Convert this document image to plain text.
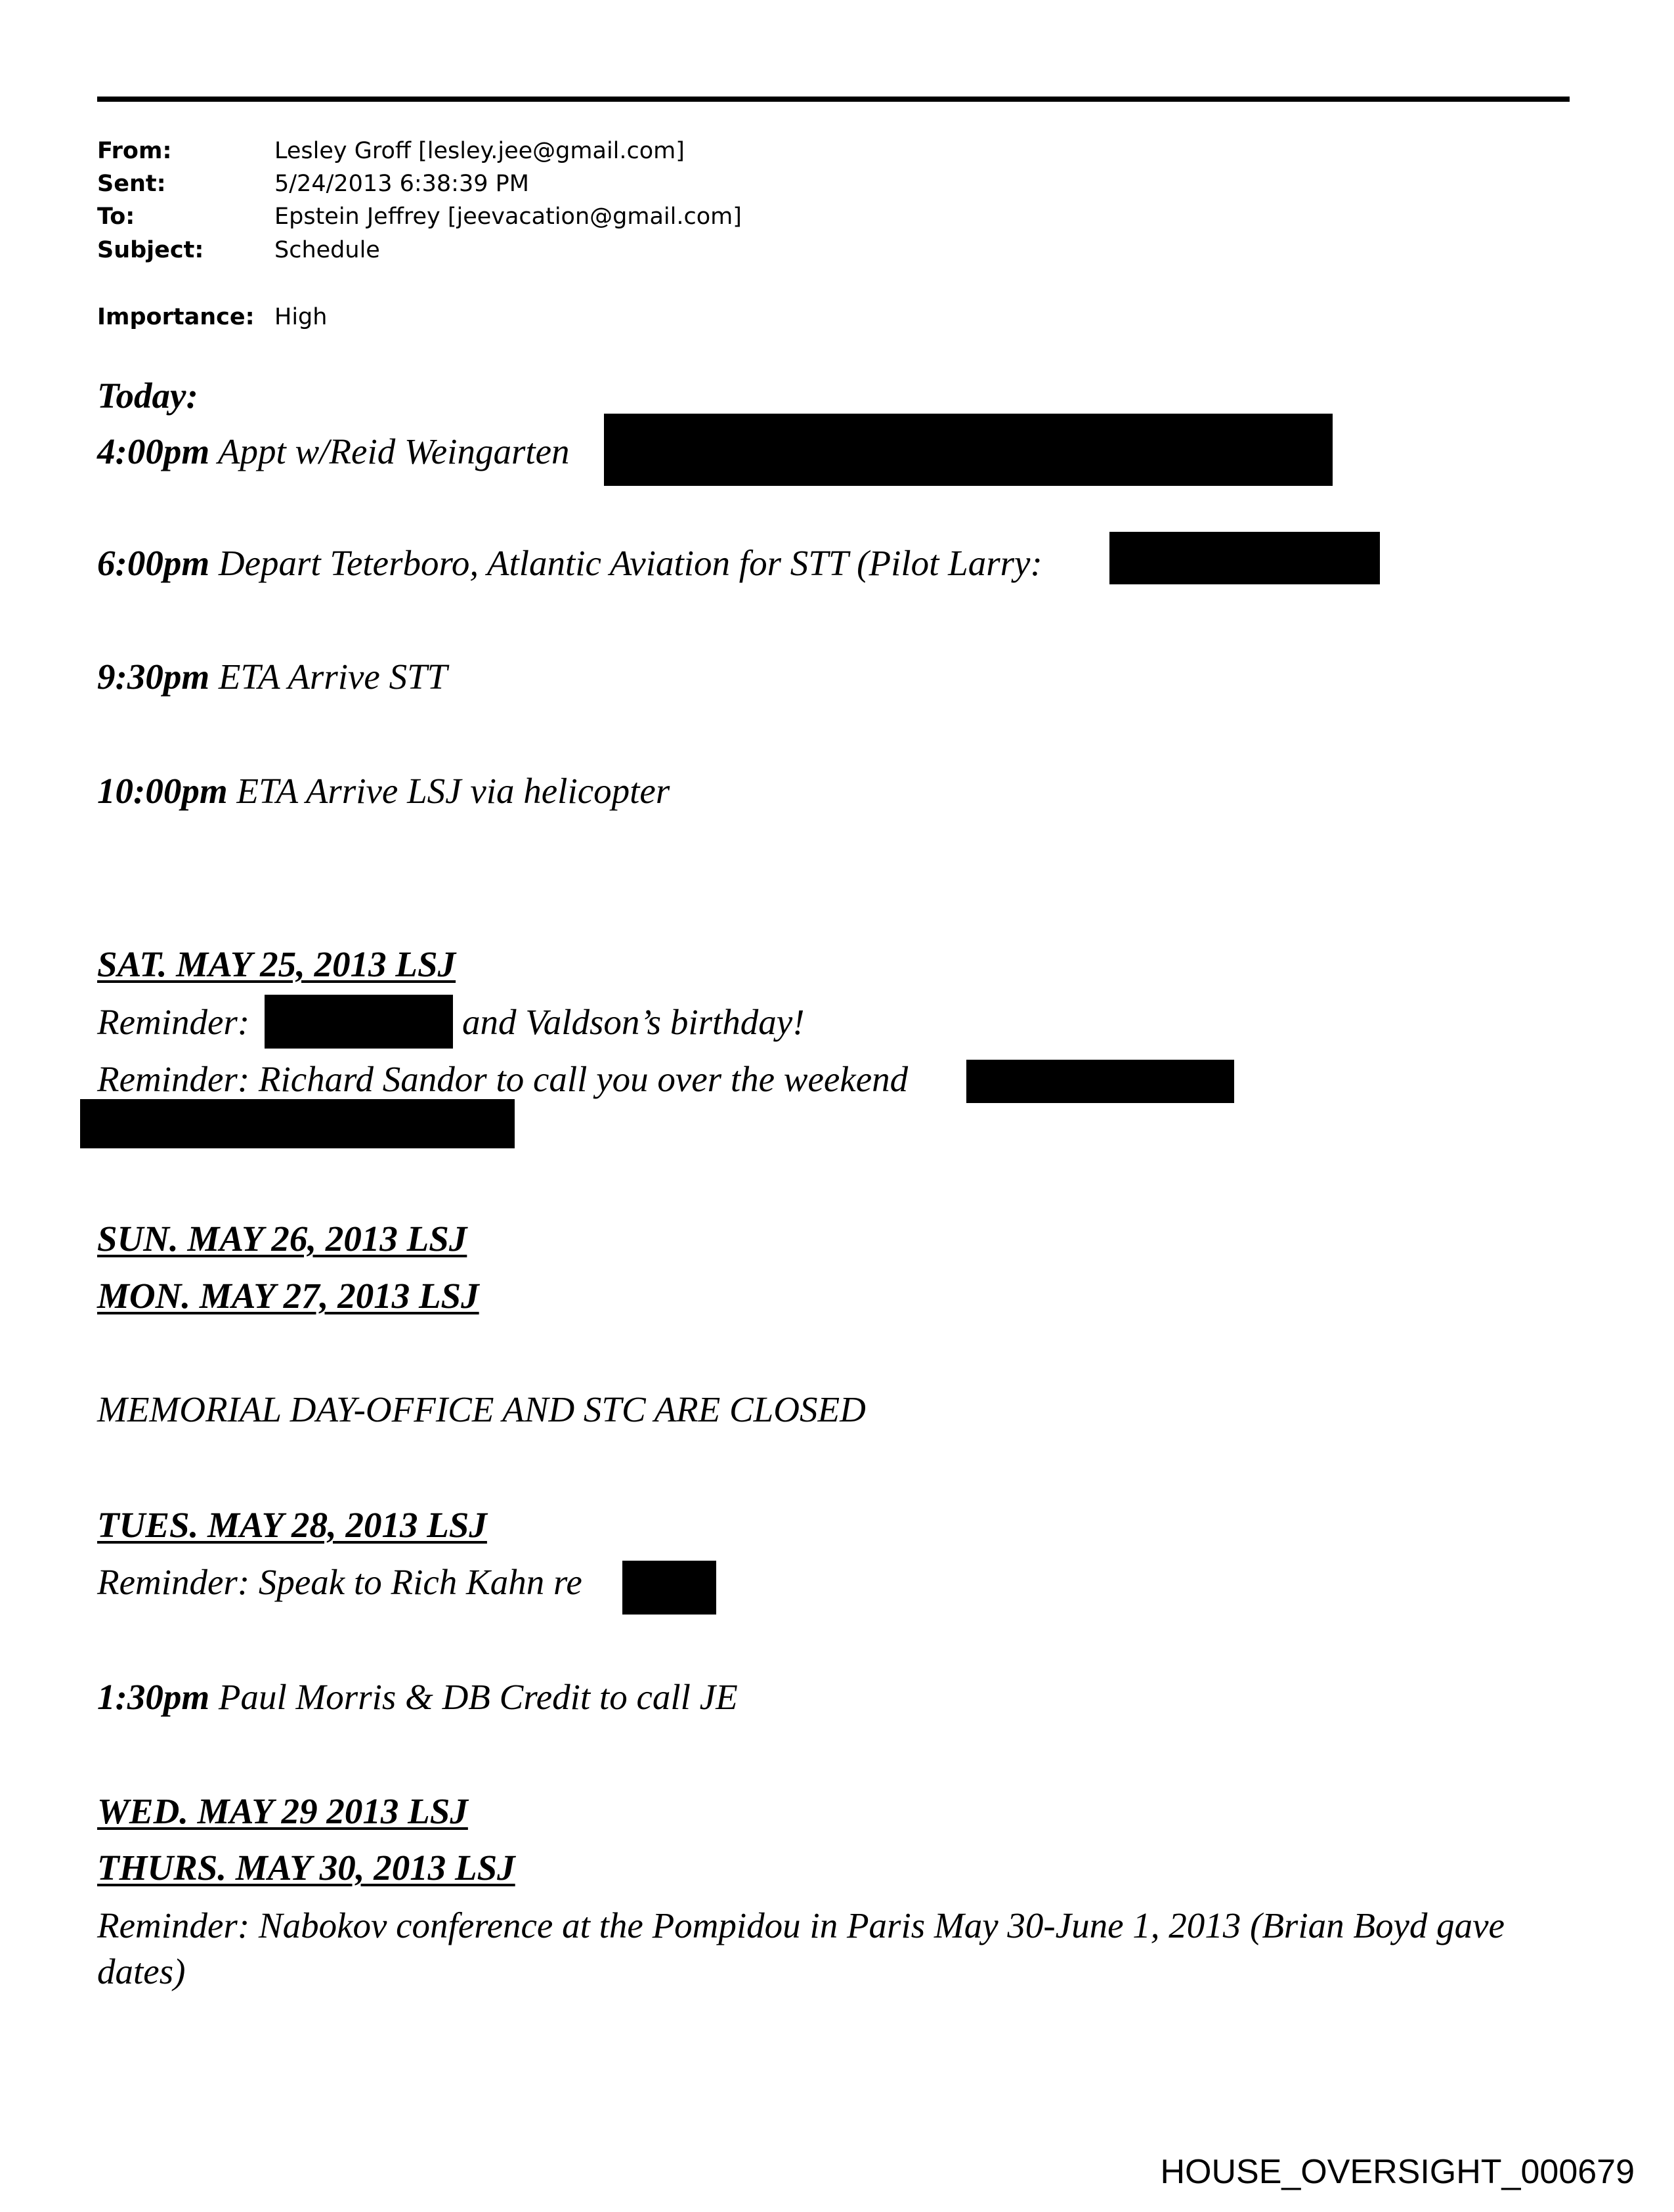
From:	Lesley Groff [lesley.jee@gmail.com]
Sent:	5/24/2013 6:38:39 PM
To:	Epstein Jeffrey [jeevacation@gmail.com]
Subject:	Schedule
Importance: High
Today:
4:00pm Appt w/Reid Weingarten
6:00pm Depart Teterboro, Atlantic Aviation for STT (Pilot Larry:
9:30pm ETA Arrive STT
10:00pm ETA Arrive LSJ via helicopter
SAT. MAY 25, 2013 LSJ
Reminder:	and Valdson’s birthday!
Reminder: Richard Sandor to call you over the weekend
SUN. MAY 26, 2013 LSJ
MON. MAY 27, 2013 LSJ
MEMORIAL DAY-OFFICE AND STC ARE CLOSED
TUES. MAY 28, 2013 LSJ
Reminder: Speak to Rich Kahn re
1:30pm Paul Morris & DB Credit to call JE
WED. MAY 29 2013 LSJ
THURS. MAY 30, 2013 LSJ
Reminder: Nabokov conference at the Pompidou in Paris May 30-June 1, 2013 (Brian Boyd gave dates)
HOUSE_OVERSIGHT_000679
